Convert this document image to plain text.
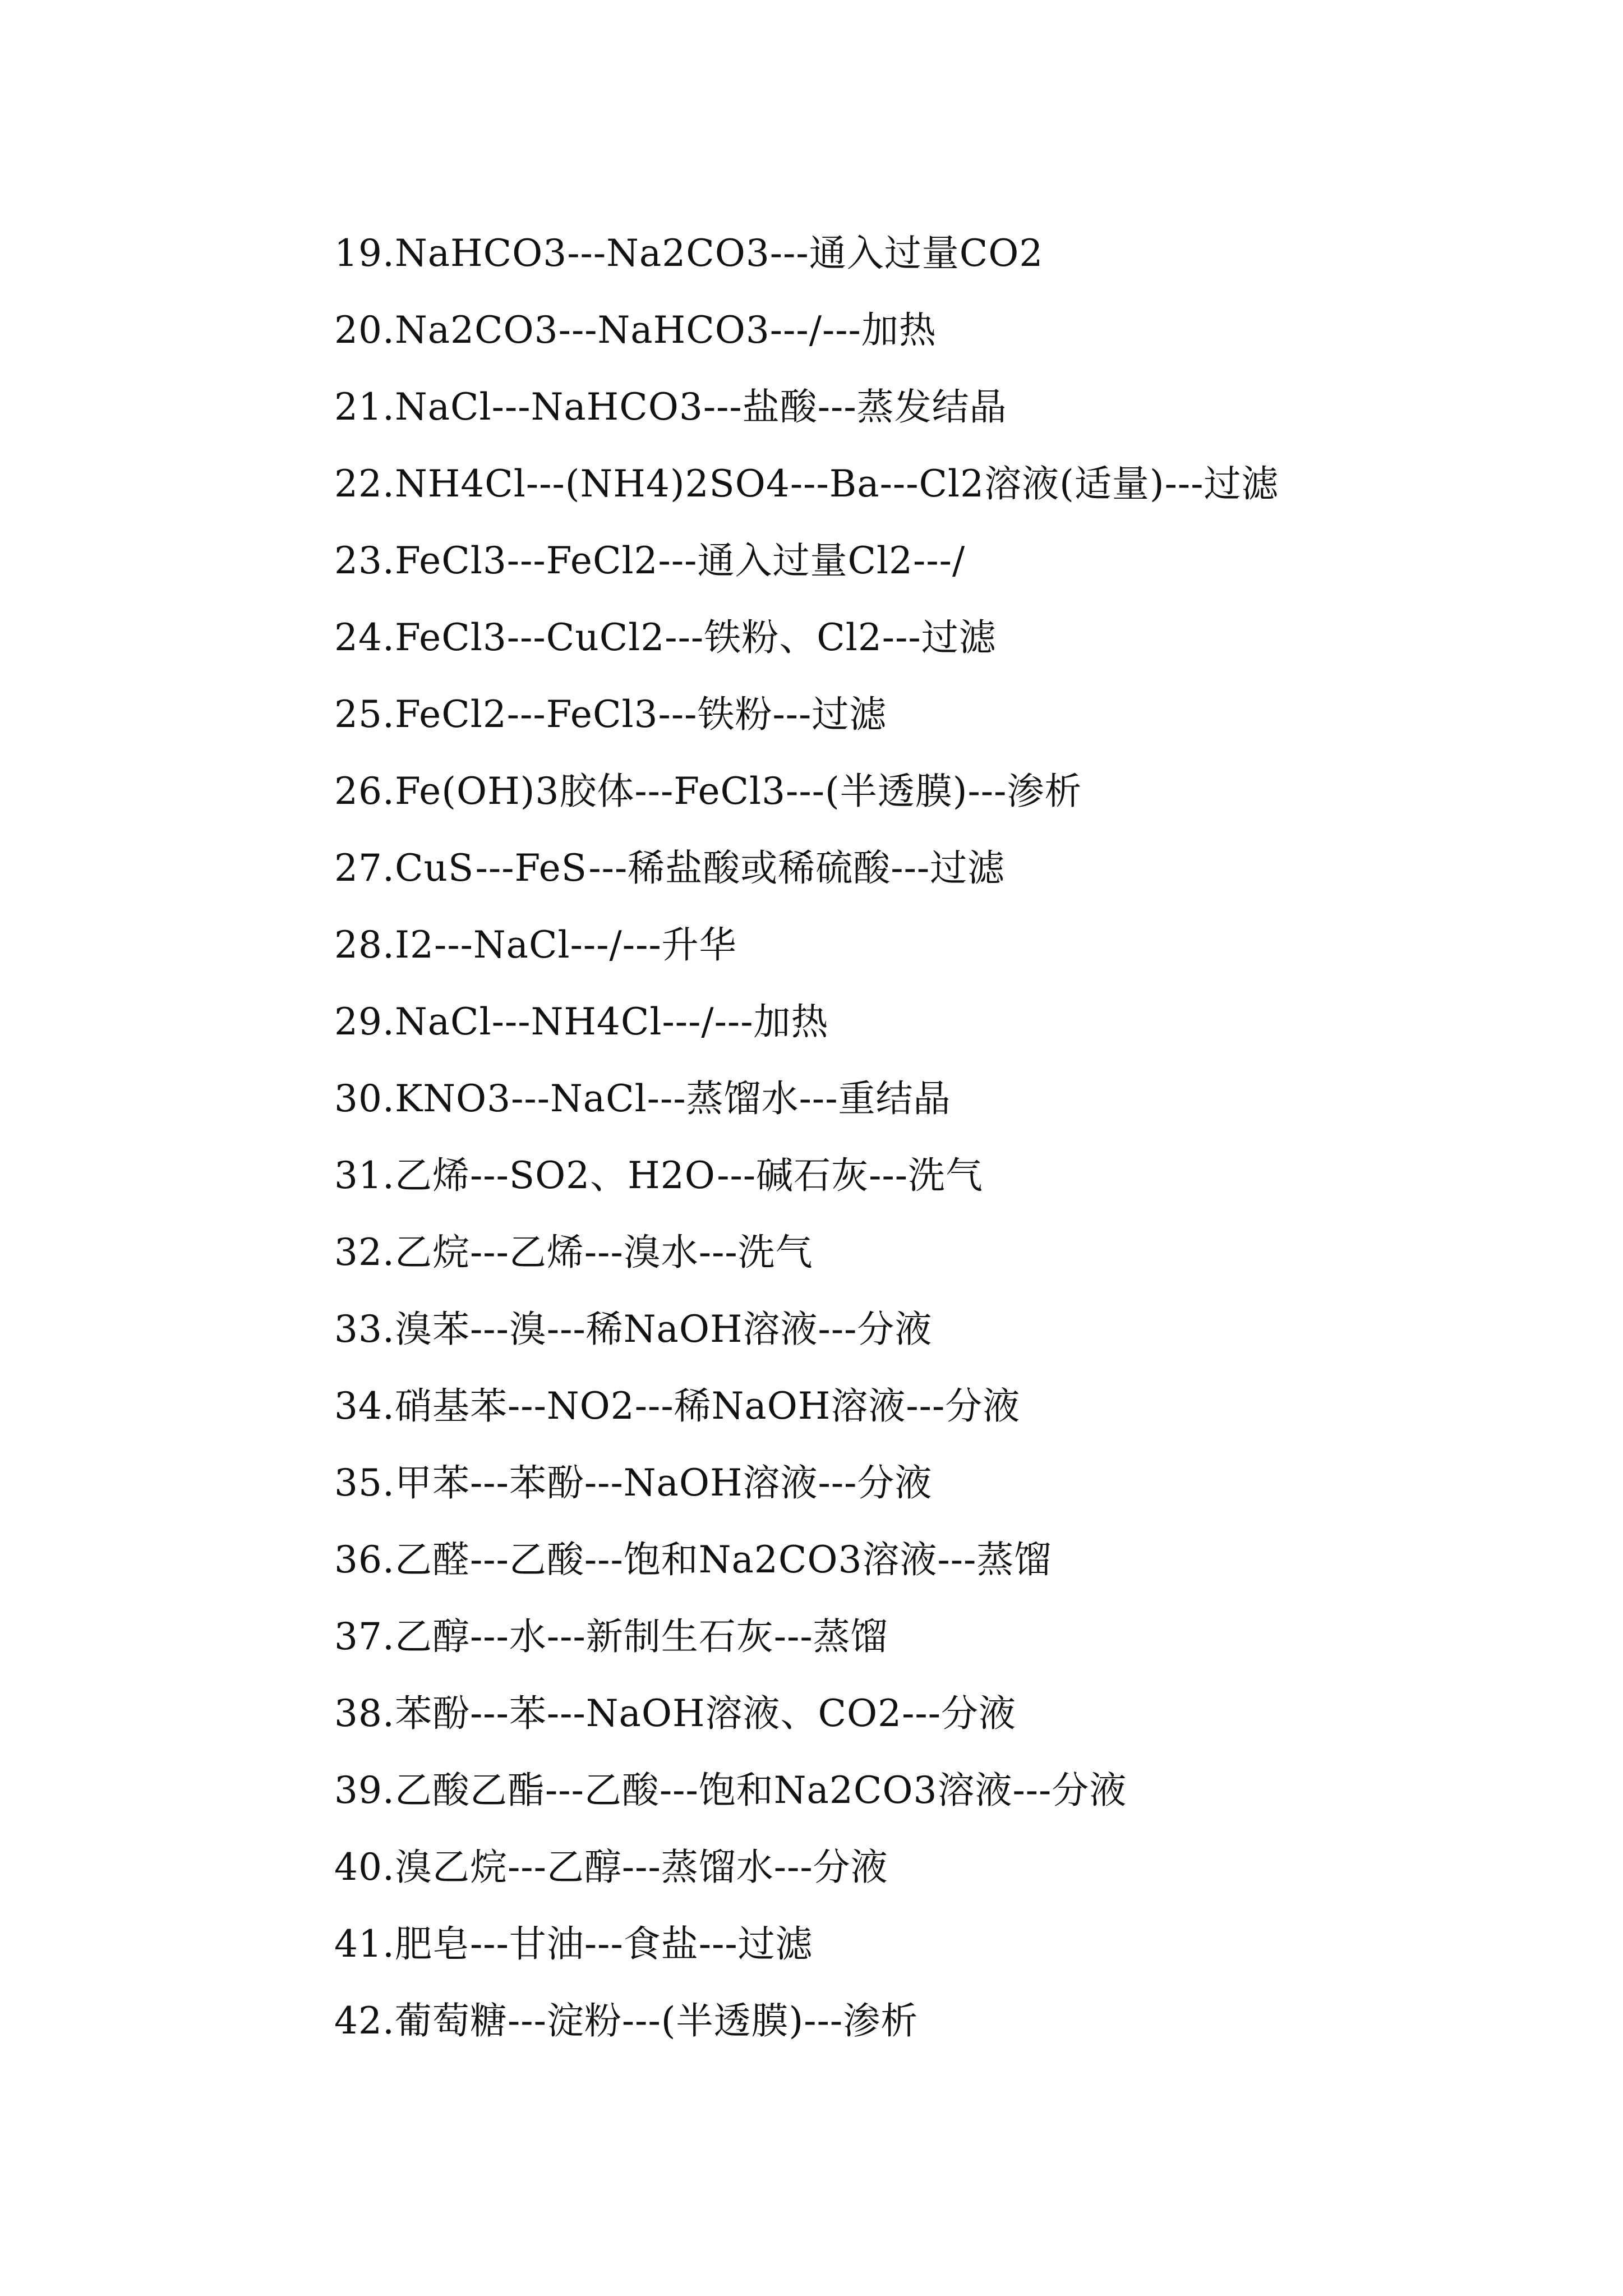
19.NaHCO3---Na2CO3---通入过量CO2
20.Na2CO3---NaHCO3---/---加热
21.NaCl---NaHCO3---盐酸---蒸发结晶
22.NH4Cl---(NH4)2SO4---Ba---Cl2溶液(适量)---过滤
23.FeCl3---FeCl2---通入过量Cl2---/
24.FeCl3---CuCl2---铁粉、Cl2---过滤
25.FeCl2---FeCl3---铁粉---过滤
26.Fe(OH)3胶体---FeCl3---(半透膜)---渗析
27.CuS---FeS---稀盐酸或稀硫酸---过滤
28.I2---NaCl---/---升华
29.NaCl---NH4Cl---/---加热
30.KNO3---NaCl---蒸馏水---重结晶
31.乙烯---SO2、H2O---碱石灰---洗气
32.乙烷---乙烯---溴水---洗气
33.溴苯---溴---稀NaOH溶液---分液
34.硝基苯---NO2---稀NaOH溶液---分液
35.甲苯---苯酚---NaOH溶液---分液
36.乙醛---乙酸---饱和Na2CO3溶液---蒸馏
37.乙醇---水---新制生石灰---蒸馏
38.苯酚---苯---NaOH溶液、CO2---分液
39.乙酸乙酯---乙酸---饱和Na2CO3溶液---分液
40.溴乙烷---乙醇---蒸馏水---分液
41.肥皂---甘油---食盐---过滤
42.葡萄糖---淀粉---(半透膜)---渗析
